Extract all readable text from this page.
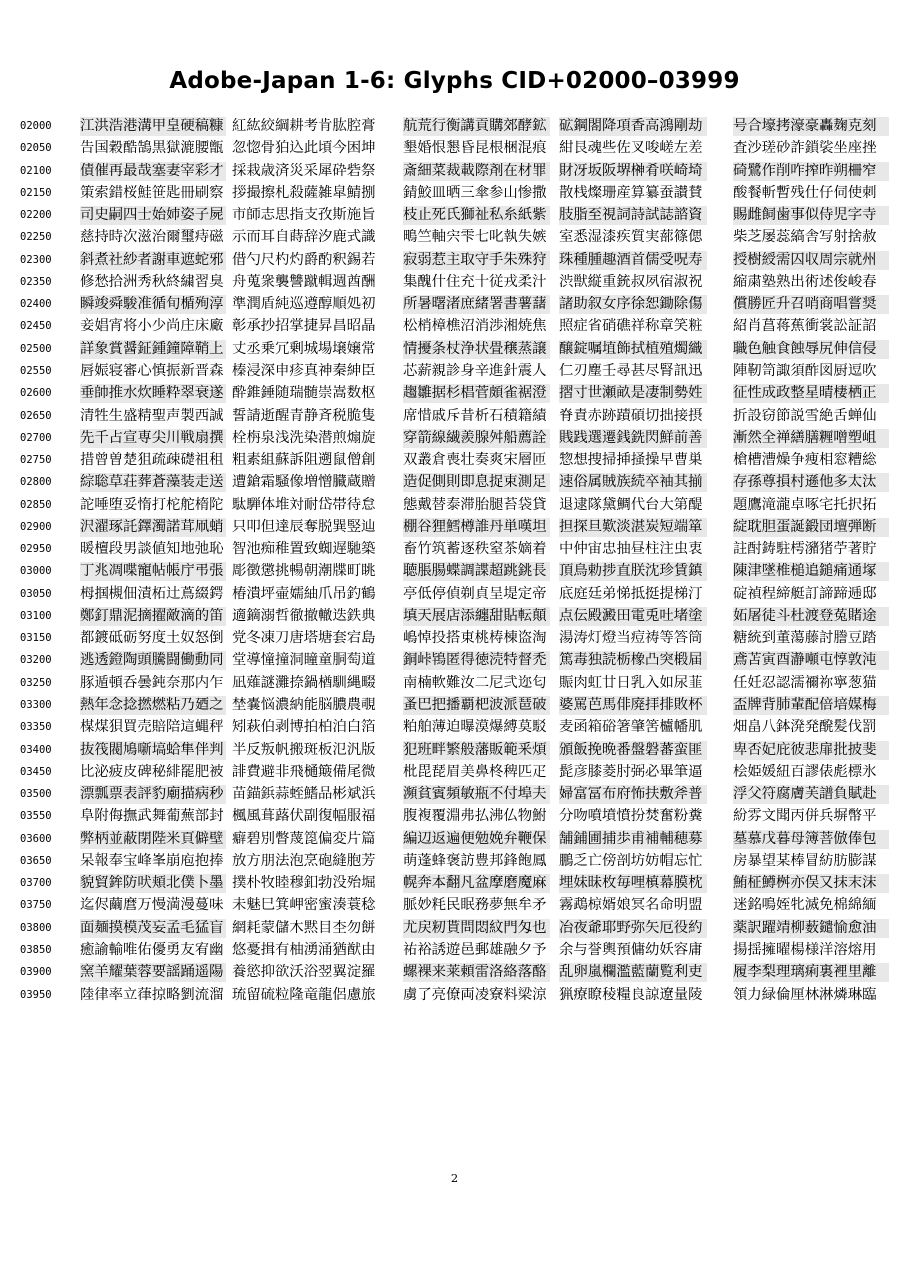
Adobe-Japan 1-6: Glyphs CID+02000–03999
02000	江洪浩港溝甲皇硬稿糠 紅紘絞綱耕考肯肱腔膏 航荒行衡講貢購郊酵鉱 砿鋼閤降項香高鴻剛劫	号合壕拷濠豪轟麹克刻
02050	告国穀酷鵠黒獄漉腰甑 忽惚骨狛込此頃今困坤 墾婚恨懇昏昆根梱混痕 紺艮魂些佐叉唆嵯左差	査沙瑳砂詐鎖裟坐座挫
02100	債催再最哉塞妻宰彩才 採栽歳済災采犀砕砦祭 斎細菜裁載際剤在材罪 財冴坂阪堺榊肴咲崎埼	碕鷺作削咋搾昨朔柵窄
02150	策索錯桜鮭笹匙冊刷察 拶撮擦札殺薩雑皐鯖捌 錆鮫皿晒三傘参山惨撒 散桟燦珊産算纂蚕讃賛	酸餐斬暫残仕仔伺使刺
02200	司史嗣四士始姉姿子屍 市師志思指支孜斯施旨 枝止死氏獅祉私糸紙紫 肢脂至視詞詩試誌諮資	賜雌飼歯事似侍児字寺
02250	慈持時次滋治爾璽痔磁 示而耳自蒔辞汐鹿式識 鴫竺軸宍雫七叱執失嫉 室悉湿漆疾質実蔀篠偲	柴芝屡蕊縞舎写射捨赦
02300	斜煮社紗者謝車遮蛇邪 借勺尺杓灼爵酌釈錫若 寂弱惹主取守手朱殊狩 珠種腫趣酒首儒受呪寿	授樹綬需囚収周宗就州
02350	修愁拾洲秀秋終繍習臭 舟蒐衆襲讐蹴輯週酋酬 集醜什住充十従戎柔汁 渋獣縦重銃叔夙宿淑祝	縮粛塾熟出術述俊峻春
02400	瞬竣舜駿准循旬楯殉淳 準潤盾純巡遵醇順処初 所暑曙渚庶緒署書薯藷 諸助叙女序徐恕鋤除傷	償勝匠升召哨商唱嘗奨
02450	妾娼宵将小少尚庄床廠 彰承抄招掌捷昇昌昭晶 松梢樟樵沼消渉湘焼焦 照症省硝礁祥称章笑粧	紹肖菖蒋蕉衝裳訟証詔
02500	詳象賞醤鉦鍾鐘障鞘上 丈丞乗冗剰城場壌嬢常 情擾条杖浄状畳穣蒸譲 醸錠嘱埴飾拭植殖燭織	職色触食蝕辱尻伸信侵
02550	唇娠寝審心慎振新晋森 榛浸深申疹真神秦紳臣 芯薪親診身辛進針震人 仁刃塵壬尋甚尽腎訊迅	陣靭笥諏須酢図厨逗吹
02600	垂帥推水炊睡粋翠衰遂 酔錐錘随瑞髄崇嵩数枢 趨雛据杉椙菅頗雀裾澄 摺寸世瀬畝是凄制勢姓	征性成政整星晴棲栖正
02650	清牲生盛精聖声製西誠 誓請逝醒青静斉税脆隻 席惜戚斥昔析石積籍績 脊責赤跡蹟碩切拙接摂	折設窃節説雪絶舌蝉仙
02700	先千占宣専尖川戦扇撰 栓栴泉浅洗染潜煎煽旋 穿箭線繊羨腺舛船薦詮 賎践選遷銭銑閃鮮前善	漸然全禅繕膳糎噌塑岨
02750	措曾曽楚狙疏疎礎祖租 粗素組蘇訴阻遡鼠僧創 双叢倉喪壮奏爽宋層匝 惣想捜掃挿掻操早曹巣	槍槽漕燥争痩相窓糟総
02800	綜聡草荘葬蒼藻装走送 遭鎗霜騒像増憎臓蔵贈 造促側則即息捉束測足 速俗属賊族続卒袖其揃	存孫尊損村遜他多太汰
02850	詑唾堕妥惰打柁舵楕陀 駄騨体堆対耐岱帯待怠 態戴替泰滞胎腿苔袋貸 退逮隊黛鯛代台大第醍	題鷹滝瀧卓啄宅托択拓
02900	沢濯琢託鐸濁諾茸凧蛸 只叩但達辰奪脱巽竪辿 棚谷狸鱈樽誰丹単嘆坦 担探旦歎淡湛炭短端箪	綻耽胆蛋誕鍛団壇弾断
02950	暖檀段男談値知地弛恥 智池痴稚置致蜘遅馳築 畜竹筑蓄逐秩窒茶嫡着 中仲宙忠抽昼柱注虫衷	註酎鋳駐樗瀦猪苧著貯
03000	丁兆凋喋寵帖帳庁弔張 彫徴懲挑暢朝潮牒町眺 聴脹腸蝶調諜超跳銚長 頂鳥勅捗直朕沈珍賃鎮	陳津墜椎槌追鎚痛通塚
03050	栂掴槻佃漬柘辻蔦綴鍔 椿潰坪壷嬬紬爪吊釣鶴 亭低停偵剃貞呈堤定帝 底庭廷弟悌抵挺提梯汀	碇禎程締艇訂諦蹄逓邸
03100	鄭釘鼎泥摘擢敵滴的笛 適鏑溺哲徹撤轍迭鉄典 填天展店添纏甜貼転顛 点伝殿澱田電兎吐堵塗	妬屠徒斗杜渡登菟賭途
03150	都鍍砥砺努度土奴怒倒 党冬凍刀唐塔塘套宕島 嶋悼投搭東桃梼棟盗淘 湯涛灯燈当痘祷等答筒	糖統到董蕩藤討謄豆踏
03200	逃透鐙陶頭騰闘働動同 堂導憧撞洞瞳童胴萄道 銅峠鴇匿得徳涜特督禿 篤毒独読栃橡凸突椴届	鳶苫寅酉瀞噸屯惇敦沌
03250	豚遁頓呑曇鈍奈那内乍 凪薙謎灘捺鍋楢馴縄畷 南楠軟難汝二尼弐迩匂 賑肉虹廿日乳入如尿韮	任妊忍認濡禰祢寧葱猫
03300	熱年念捻撚燃粘乃廼之 埜嚢悩濃納能脳膿農覗 蚤巴把播覇杷波派琶破 婆罵芭馬俳廃拝排敗杯	盃牌背肺輩配倍培媒梅
03350	楳煤狽買売賠陪這蝿秤 矧萩伯剥博拍柏泊白箔 粕舶薄迫曝漠爆縛莫駁 麦函箱硲箸肇筈櫨幡肌	畑畠八鉢溌発醗髪伐罰
03400	抜筏閥鳩噺塙蛤隼伴判 半反叛帆搬斑板氾汎版 犯班畔繁般藩販範釆煩 頒飯挽晩番盤磐蕃蛮匪	卑否妃庇彼悲扉批披斐
03450	比泌疲皮碑秘緋罷肥被 誹費避非飛樋簸備尾微 枇毘琵眉美鼻柊稗匹疋 髭彦膝菱肘弼必畢筆逼	桧姫媛紐百謬俵彪標氷
03500	漂瓢票表評豹廟描病秒 苗錨鋲蒜蛭鰭品彬斌浜 瀕貧賓頻敏瓶不付埠夫 婦富冨布府怖扶敷斧普	浮父符腐膚芙譜負賦赴
03550	阜附侮撫武舞葡蕪部封 楓風葺蕗伏副復幅服福 腹複覆淵弗払沸仏物鮒 分吻噴墳憤扮焚奮粉糞	紛雰文聞丙併兵塀幣平
03600	弊柄並蔽閉陛米頁僻壁 癖碧別瞥蔑箆偏変片篇 編辺返遍便勉娩弁鞭保 舗鋪圃捕歩甫補輔穂募	墓慕戊暮母簿菩倣俸包
03650	呆報奉宝峰峯崩庖抱捧 放方朋法泡烹砲縫胞芳 萌蓬蜂褒訪豊邦鋒飽鳳 鵬乏亡傍剖坊妨帽忘忙	房暴望某棒冒紡肪膨謀
03700	貌貿鉾防吠頬北僕卜墨 撲朴牧睦穆釦勃没殆堀 幌奔本翻凡盆摩磨魔麻 埋妹昧枚毎哩槙幕膜枕	鮪柾鱒桝亦俣又抹末沫
03750	迄侭繭麿万慢満漫蔓味 未魅巳箕岬密蜜湊蓑稔 脈妙粍民眠務夢無牟矛 霧鵡椋婿娘冥名命明盟	迷銘鳴姪牝滅免棉綿緬
03800	面麺摸模茂妄孟毛猛盲 網耗蒙儲木黙目杢勿餅 尤戻籾貰問悶紋門匁也 冶夜爺耶野弥矢厄役約	薬訳躍靖柳薮鑓愉愈油
03850	癒諭輸唯佑優勇友宥幽 悠憂揖有柚湧涌猶猷由 祐裕誘遊邑郵雄融夕予 余与誉輿預傭幼妖容庸	揚揺擁曜楊様洋溶熔用
03900	窯羊耀葉蓉要謡踊遥陽 養慾抑欲沃浴翌翼淀羅 螺裸来莱頼雷洛絡落酪 乱卵嵐欄濫藍蘭覧利吏	履李梨理璃痢裏裡里離
03950	陸律率立葎掠略劉流溜 琉留硫粒隆竜龍侶慮旅 虜了亮僚両凌寮料梁涼 猟療瞭稜糧良諒遼量陵	領力緑倫厘林淋燐琳臨
2
